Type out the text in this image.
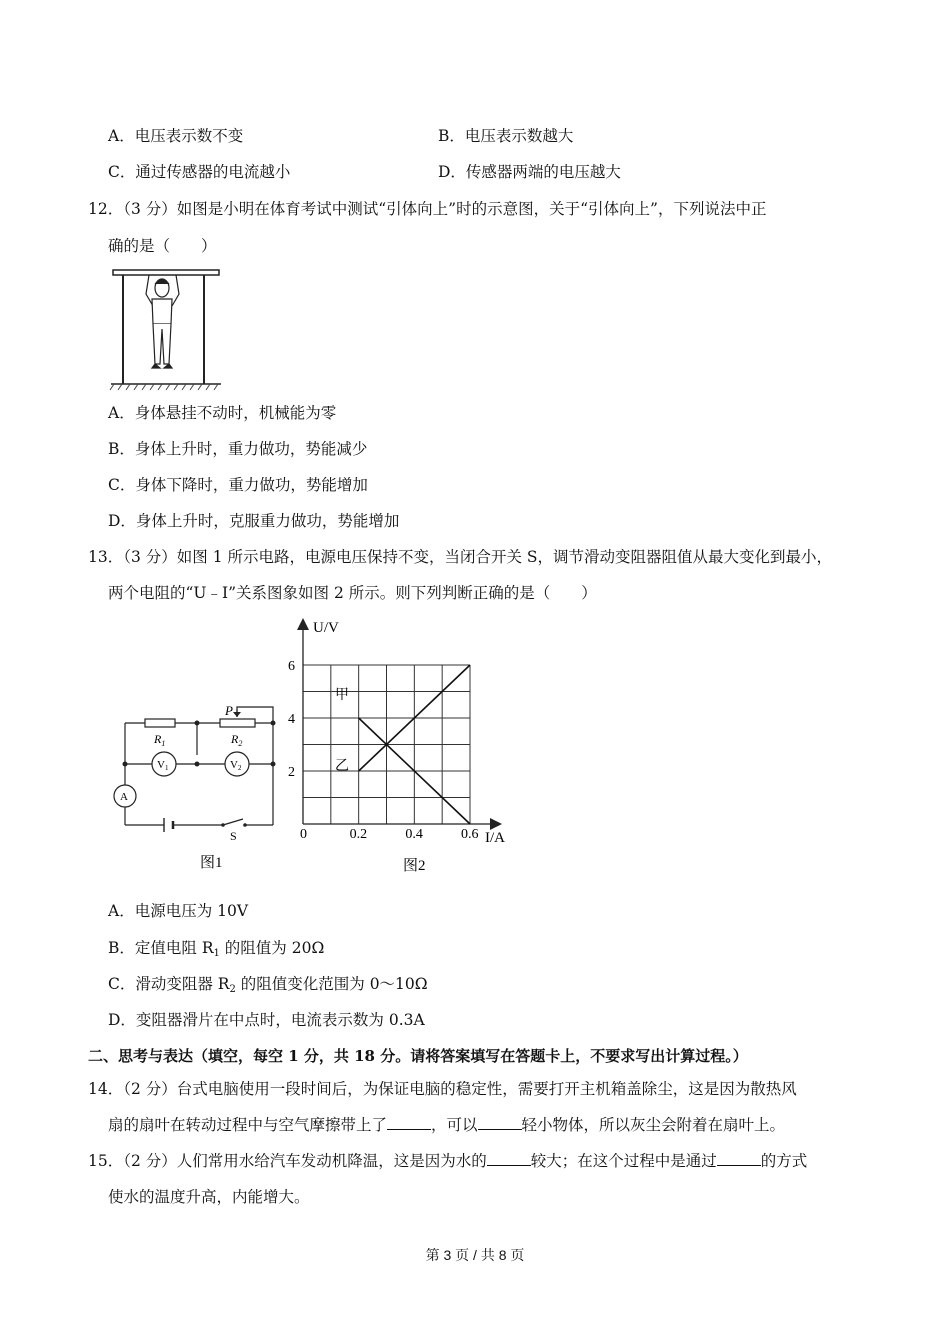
A．电压表示数不变	B．电压表示数越大
C．通过传感器的电流越小	D．传感器两端的电压越大
12．（3 分）如图是小明在体育考试中测试“引体向上”时的示意图，关于“引体向上”，下列说法中正
确的是（　　）
A．身体悬挂不动时，机械能为零
B．身体上升时，重力做功，势能减少
C．身体下降时，重力做功，势能增加
D．身体上升时，克服重力做功，势能增加
13．（3 分）如图 1 所示电路，电源电压保持不变，当闭合开关 S，调节滑动变阻器阻值从最大变化到最小，
两个电阻的“U﹣I”关系图象如图 2 所示。则下列判断正确的是（　　）
$R_1$	$R_2$
P
V1	V2
A
S
图1
0	0.2	0.4	0.6
2
4
6
U/V
I/A
甲
乙
图2
A．电源电压为 10V
B．定值电阻 $R_1$ 的阻值为 20Ω
C．滑动变阻器 $R_2$ 的阻值变化范围为 0～10Ω
D．变阻器滑片在中点时，电流表示数为 0.3A
二、思考与表达（填空，每空 1 分，共 18 分。请将答案填写在答题卡上，不要求写出计算过程。）
14．（2 分）台式电脑使用一段时间后，为保证电脑的稳定性，需要打开主机箱盖除尘，这是因为散热风
扇的扇叶在转动过程中与空气摩擦带上了	，可以	轻小物体，所以灰尘会附着在扇叶上。
15．（2 分）人们常用水给汽车发动机降温，这是因为水的	较大；在这个过程中是通过	的方式
使水的温度升高，内能增大。
第 3 页 / 共 8 页
